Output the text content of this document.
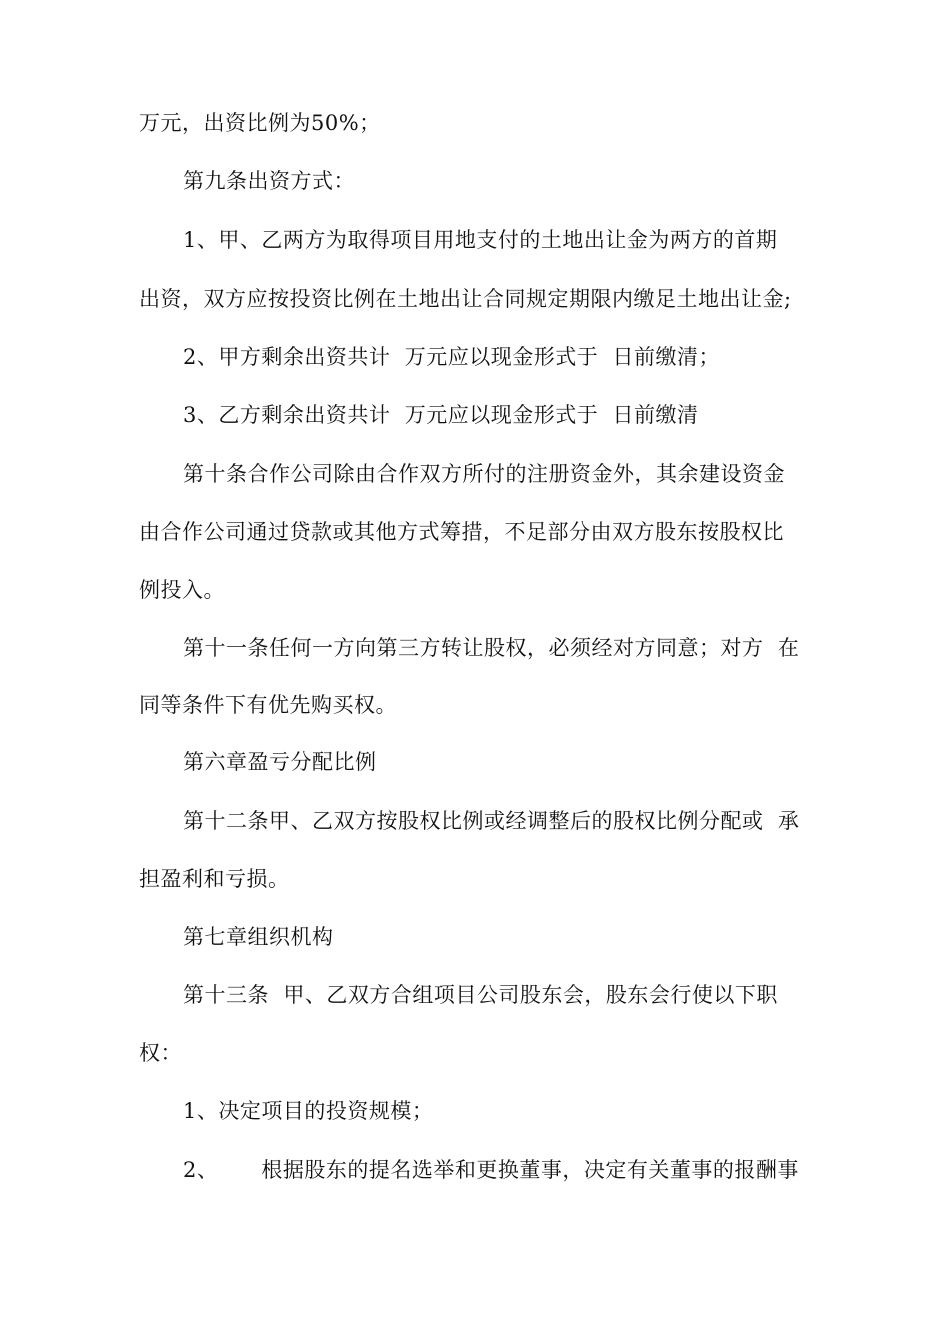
万元，出资比例为50%；
第九条出资方式：
1、甲、乙两方为取得项目用地支付的土地出让金为两方的首期
出资，双方应按投资比例在土地出让合同规定期限内缴足土地出让金;
2、甲方剩余出资共计  万元应以现金形式于  日前缴清；
3、乙方剩余出资共计  万元应以现金形式于  日前缴清
第十条合作公司除由合作双方所付的注册资金外，其余建设资金
由合作公司通过贷款或其他方式筹措，不足部分由双方股东按股权比
例投入。
第十一条任何一方向第三方转让股权，必须经对方同意；对方  在
同等条件下有优先购买权。
第六章盈亏分配比例
第十二条甲、乙双方按股权比例或经调整后的股权比例分配或  承
担盈利和亏损。
第七章组织机构
第十三条  甲、乙双方合组项目公司股东会，股东会行使以下职
权：
1、决定项目的投资规模；
2、      根据股东的提名选举和更换董事，决定有关董事的报酬事
